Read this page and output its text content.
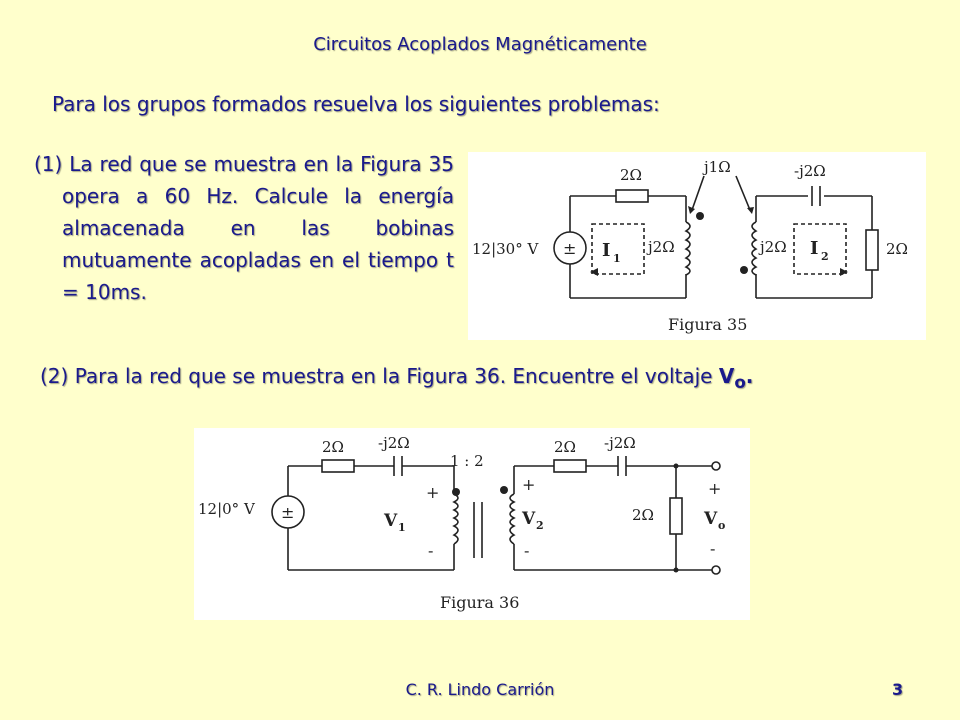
Circuitos Acoplados Magnéticamente
Para los grupos formados resuelva los siguientes problemas:
(1) La red que se muestra en la Figura 35 opera a 60 Hz. Calcule la energía almacenada en las bobinas mutuamente acopladas en el tiempo t = 10ms.
±
2Ω	j1Ω	-j2Ω
12|30° V	j2Ω	j2Ω	2Ω
I 1	I 2
Figura 35
(2) Para la red que se muestra en la Figura 36. Encuentre el voltaje $V_o$.
±
2Ω -j2Ω
1 : 2
2Ω -j2Ω
12|0° V
+
V 1
-
+
V 2
-
2Ω
+
V o
-
Figura 36
C. R. Lindo Carrión	3
